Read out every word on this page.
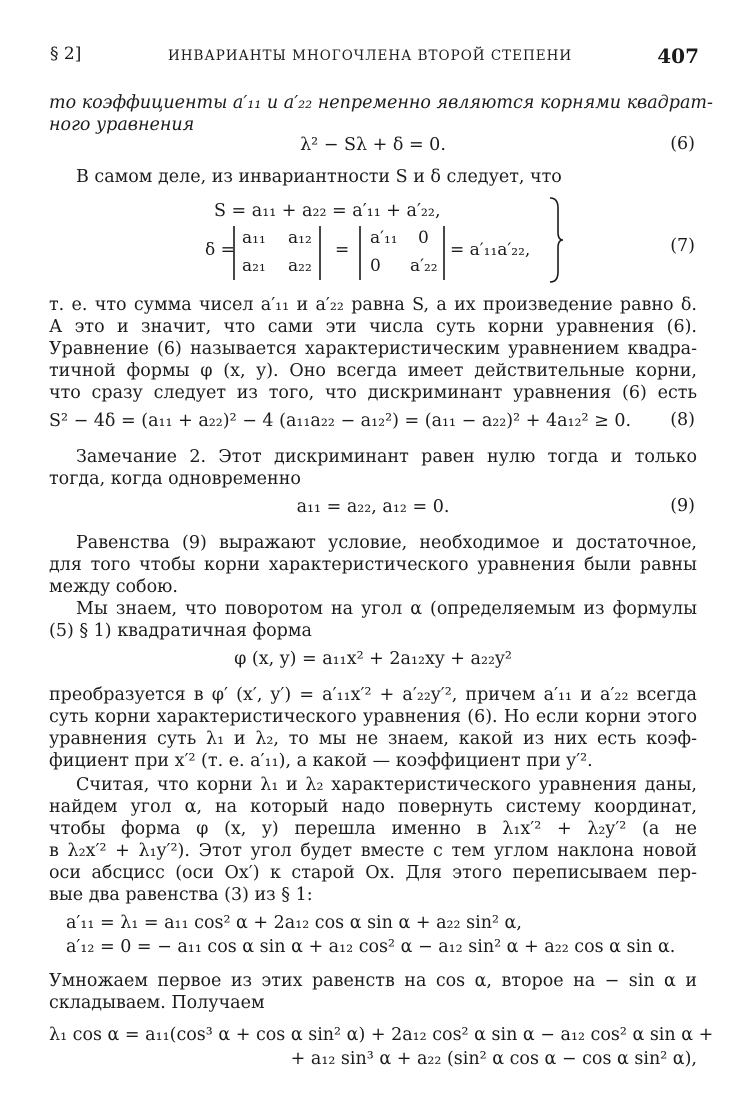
§ 2]	ИНВАРИАНТЫ МНОГОЧЛЕНА ВТОРОЙ СТЕПЕНИ	407
то коэффициенты a′₁₁ и a′₂₂ непременно являются корнями квадрат-
ного уравнения
λ² − Sλ + δ = 0.	(6)
В самом деле, из инвариантности S и δ следует, что
S = a₁₁ + a₂₂ = a′₁₁ + a′₂₂,
δ =
a₁₁ a₁₂
a₂₁ a₂₂
=
a′₁₁ 0
0 a′₂₂
= a′₁₁a′₂₂,	(7)
т. е. что сумма чисел a′₁₁ и a′₂₂ равна S, а их произведение равно δ.
А это и значит, что сами эти числа суть корни уравнения (6).
Уравнение (6) называется характеристическим уравнением квадра-
тичной формы φ (x, y). Оно всегда имеет действительные корни,
что сразу следует из того, что дискриминант уравнения (6) есть
S² − 4δ = (a₁₁ + a₂₂)² − 4 (a₁₁a₂₂ − a₁₂²) = (a₁₁ − a₂₂)² + 4a₁₂² ≥ 0. (8)
Замечание 2. Этот дискриминант равен нулю тогда и только
тогда, когда одновременно
a₁₁ = a₂₂, a₁₂ = 0.	(9)
Равенства (9) выражают условие, необходимое и достаточное,
для того чтобы корни характеристического уравнения были равны
между собою.
Мы знаем, что поворотом на угол α (определяемым из формулы
(5) § 1) квадратичная форма
φ (x, y) = a₁₁x² + 2a₁₂xy + a₂₂y²
преобразуется в φ′ (x′, y′) = a′₁₁x′² + a′₂₂y′², причем a′₁₁ и a′₂₂ всегда
суть корни характеристического уравнения (6). Но если корни этого
уравнения суть λ₁ и λ₂, то мы не знаем, какой из них есть коэф-
фициент при x′² (т. е. a′₁₁), а какой — коэффициент при y′².
Считая, что корни λ₁ и λ₂ характеристического уравнения даны,
найдем угол α, на который надо повернуть систему координат,
чтобы форма φ (x, y) перешла именно в λ₁x′² + λ₂y′² (а не
в λ₂x′² + λ₁y′²). Этот угол будет вместе с тем углом наклона новой
оси абсцисс (оси Ox′) к старой Ox. Для этого переписываем пер-
вые два равенства (3) из § 1:
a′₁₁ = λ₁ = a₁₁ cos² α + 2a₁₂ cos α sin α + a₂₂ sin² α,
a′₁₂ = 0 = − a₁₁ cos α sin α + a₁₂ cos² α − a₁₂ sin² α + a₂₂ cos α sin α.
Умножаем первое из этих равенств на cos α, второе на − sin α и
складываем. Получаем
λ₁ cos α = a₁₁(cos³ α + cos α sin² α) + 2a₁₂ cos² α sin α − a₁₂ cos² α sin α +
+ a₁₂ sin³ α + a₂₂ (sin² α cos α − cos α sin² α),
